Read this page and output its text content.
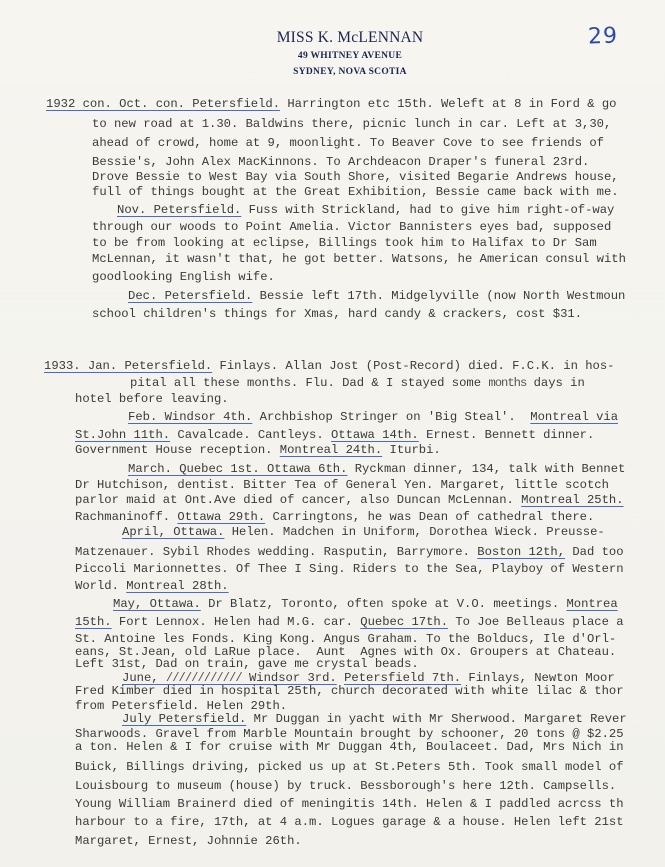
MISS K. McLENNAN
49 WHITNEY AVENUE
SYDNEY, NOVA SCOTIA
29

1932 con. Oct. con. Petersfield. Harrington etc 15th. Weleft at 8 in Ford & go

to new road at 1.30. Baldwins there, picnic lunch in car. Left at 3,30,

ahead of crowd, home at 9, moonlight. To Beaver Cove to see friends of

Bessie's, John Alex MacKinnons. To Archdeacon Draper's funeral 23rd.

Drove Bessie to West Bay via South Shore, visited Begarie Andrews house,

full of things bought at the Great Exhibition, Bessie came back with me.

Nov. Petersfield. Fuss with Strickland, had to give him right-of-way

through our woods to Point Amelia. Victor Bannisters eyes bad, supposed

to be from looking at eclipse, Billings took him to Halifax to Dr Sam

McLennan, it wasn't that, he got better. Watsons, he American consul with

goodlooking English wife.

Dec. Petersfield. Bessie left 17th. Midgelyville (now North Westmoun

school children's things for Xmas, hard candy & crackers, cost $31.

1933. Jan. Petersfield. Finlays. Allan Jost (Post-Record) died. F.C.K. in hos-

pital all these months. Flu. Dad & I stayed some months days in

hotel before leaving.

Feb. Windsor 4th. Archbishop Stringer on 'Big Steal'.  Montreal via

St.John 11th. Cavalcade. Cantleys. Ottawa 14th. Ernest. Bennett dinner.

Government House reception. Montreal 24th. Iturbi.

March. Quebec 1st. Ottawa 6th. Ryckman dinner, 134, talk with Bennet

Dr Hutchison, dentist. Bitter Tea of General Yen. Margaret, little scotch

parlor maid at Ont.Ave died of cancer, also Duncan McLennan. Montreal 25th.

Rachmaninoff. Ottawa 29th. Carringtons, he was Dean of cathedral there.

April, Ottawa. Helen. Madchen in Uniform, Dorothea Wieck. Preusse-

Matzenauer. Sybil Rhodes wedding. Rasputin, Barrymore. Boston 12th, Dad too

Piccoli Marionnettes. Of Thee I Sing. Riders to the Sea, Playboy of Western

World. Montreal 28th.

May, Ottawa. Dr Blatz, Toronto, often spoke at V.O. meetings. Montrea

15th. Fort Lennox. Helen had M.G. car. Quebec 17th. To Joe Belleaus place a

St. Antoine les Fonds. King Kong. Angus Graham. To the Bolducs, Ile d'Orl-

eans, St.Jean, old LaRue place.  Aunt  Agnes with Ox. Groupers at Chateau.

Left 31st, Dad on train, gave me crystal beads.

June, //////////// Windsor 3rd. Petersfield 7th. Finlays, Newton Moor

Fred Kimber died in hospital 25th, church decorated with white lilac & thor

from Petersfield. Helen 29th.

July Petersfield. Mr Duggan in yacht with Mr Sherwood. Margaret Rever

Sharwoods. Gravel from Marble Mountain brought by schooner, 20 tons @ $2.25

a ton. Helen & I for cruise with Mr Duggan 4th, Boulaceet. Dad, Mrs Nich in

Buick, Billings driving, picked us up at St.Peters 5th. Took small model of

Louisbourg to museum (house) by truck. Bessborough's here 12th. Campsells.

Young William Brainerd died of meningitis 14th. Helen & I paddled acrcss th

harbour to a fire, 17th, at 4 a.m. Logues garage & a house. Helen left 21st

Margaret, Ernest, Johnnie 26th.
